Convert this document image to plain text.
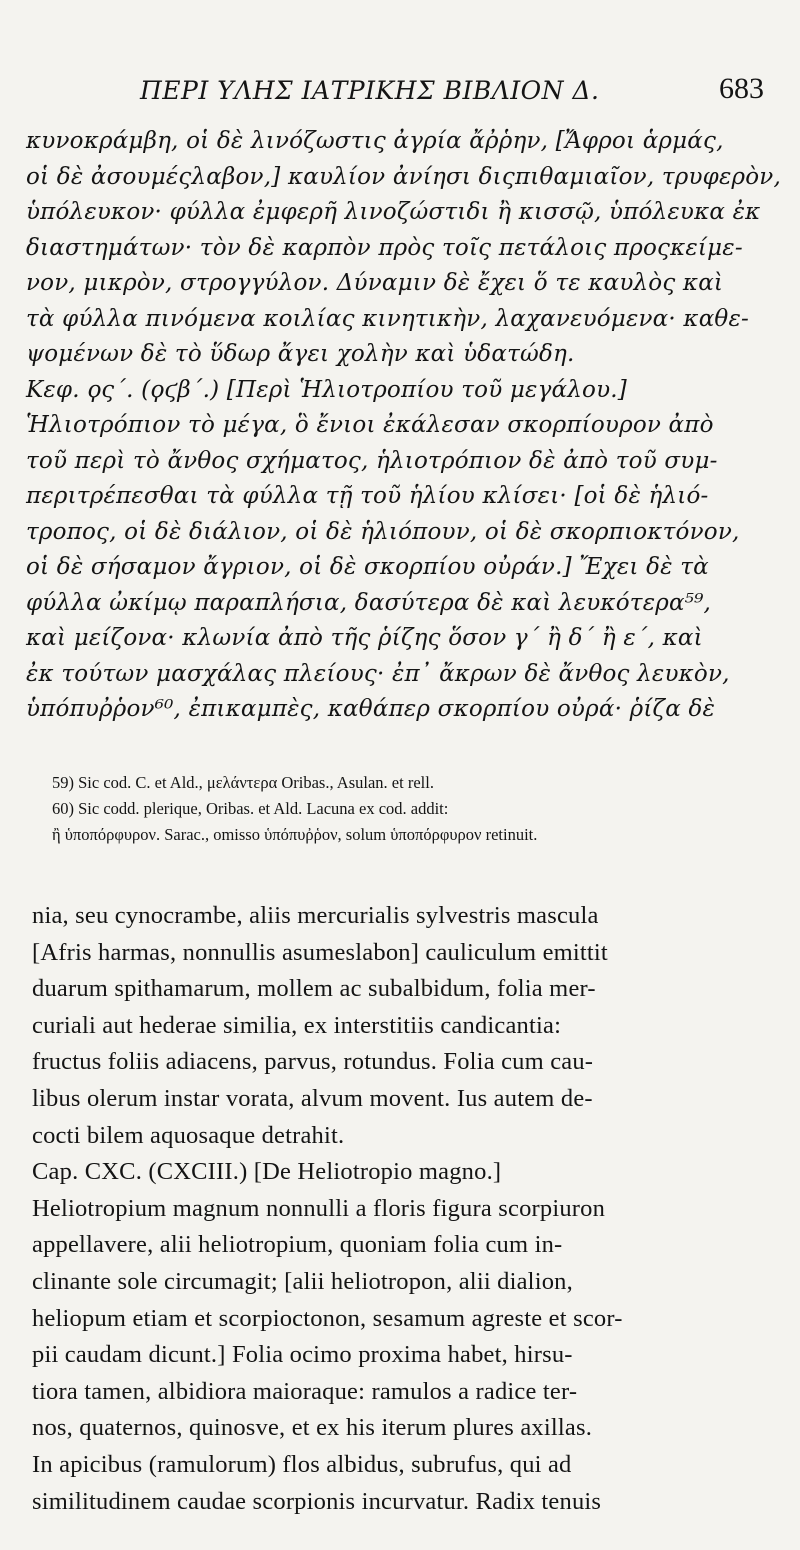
ΠΕΡΙ ΥΛΗΣ ΙΑΤΡΙΚΗΣ ΒΙΒΛΙΟΝ Δ.	683
κυνοκράμβη, οἱ δὲ λινόζωστις ἀγρία ἄῤῥην, [Ἄφροι ἁρμάς,
οἱ δὲ ἀσουμέςλαβον,] καυλίον ἀνίησι διςπιθαμιαῖον, τρυφερὸν,
ὑπόλευκον· φύλλα ἐμφερῆ λινοζώστιδι ἢ κισσῷ, ὑπόλευκα ἐκ
διαστημάτων· τὸν δὲ καρπὸν πρὸς τοῖς πετάλοις προςκείμε-
νον, μικρὸν, στρογγύλον. Δύναμιν δὲ ἔχει ὅ τε καυλὸς καὶ
τὰ φύλλα πινόμενα κοιλίας κινητικὴν, λαχανευόμενα· καθε-
ψομένων δὲ τὸ ὕδωρ ἄγει χολὴν καὶ ὑδατώδη.
Κεφ. ϙς΄. (ϙϛβ΄.) [Περὶ Ἡλιοτροπίου τοῦ μεγάλου.]
Ἡλιοτρόπιον τὸ μέγα, ὃ ἔνιοι ἐκάλεσαν σκορπίουρον ἀπὸ
τοῦ περὶ τὸ ἄνθος σχήματος, ἡλιοτρόπιον δὲ ἀπὸ τοῦ συμ-
περιτρέπεσθαι τὰ φύλλα τῇ τοῦ ἡλίου κλίσει· [οἱ δὲ ἡλιό-
τροπος, οἱ δὲ διάλιον, οἱ δὲ ἡλιόπουν, οἱ δὲ σκορπιοκτόνον,
οἱ δὲ σήσαμον ἄγριον, οἱ δὲ σκορπίου οὐράν.] Ἔχει δὲ τὰ
φύλλα ὠκίμῳ παραπλήσια, δασύτερα δὲ καὶ λευκότερα⁵⁹,
καὶ μείζονα· κλωνία ἀπὸ τῆς ῥίζης ὅσον γ΄ ἢ δ΄ ἢ ε΄, καὶ
ἐκ τούτων μασχάλας πλείους· ἐπ᾽ ἄκρων δὲ ἄνθος λευκὸν,
ὑπόπυῤῥον⁶⁰, ἐπικαμπὲς, καθάπερ σκορπίου οὐρά· ῥίζα δὲ
59) Sic cod. C. et Ald., μελάντερα Oribas., Asulan. et rell.
60) Sic codd. plerique, Oribas. et Ald. Lacuna ex cod. addit:
ἢ ὑποπόρφυρον. Sarac., omisso ὑπόπυῤῥον, solum ὑποπόρφυρον retinuit.
nia, seu cynocrambe, aliis mercurialis sylvestris mascula
[Afris harmas, nonnullis asumeslabon] cauliculum emittit
duarum spithamarum, mollem ac subalbidum, folia mer-
curiali aut hederae similia, ex interstitiis candicantia:
fructus foliis adiacens, parvus, rotundus. Folia cum cau-
libus olerum instar vorata, alvum movent. Ius autem de-
cocti bilem aquosaque detrahit.
Cap. CXC. (CXCIII.) [De Heliotropio magno.]
Heliotropium magnum nonnulli a floris figura scorpiuron
appellavere, alii heliotropium, quoniam folia cum in-
clinante sole circumagit; [alii heliotropon, alii dialion,
heliopum etiam et scorpioctonon, sesamum agreste et scor-
pii caudam dicunt.] Folia ocimo proxima habet, hirsu-
tiora tamen, albidiora maioraque: ramulos a radice ter-
nos, quaternos, quinosve, et ex his iterum plures axillas.
In apicibus (ramulorum) flos albidus, subrufus, qui ad
similitudinem caudae scorpionis incurvatur. Radix tenuis
